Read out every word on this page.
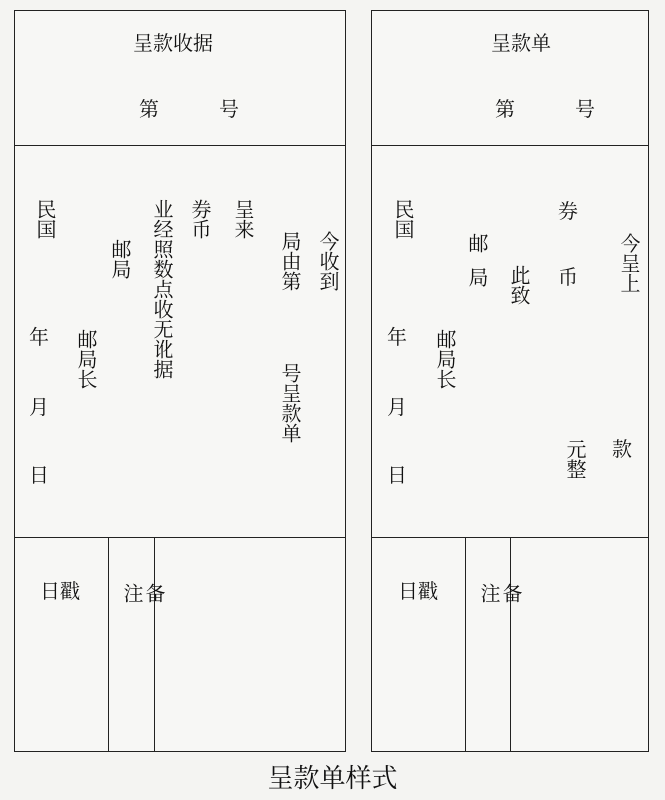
呈款收据
第	号
今收到
局由第
号呈款单
呈来
券币
业经照数点收无讹据
邮局
邮局长
民国
年
月
日
日戳	备注
呈款单
第	号
今呈上
款
券
币
元整
此致
邮局
邮局长
民国
年
月
日
日戳	备注
呈款单样式
